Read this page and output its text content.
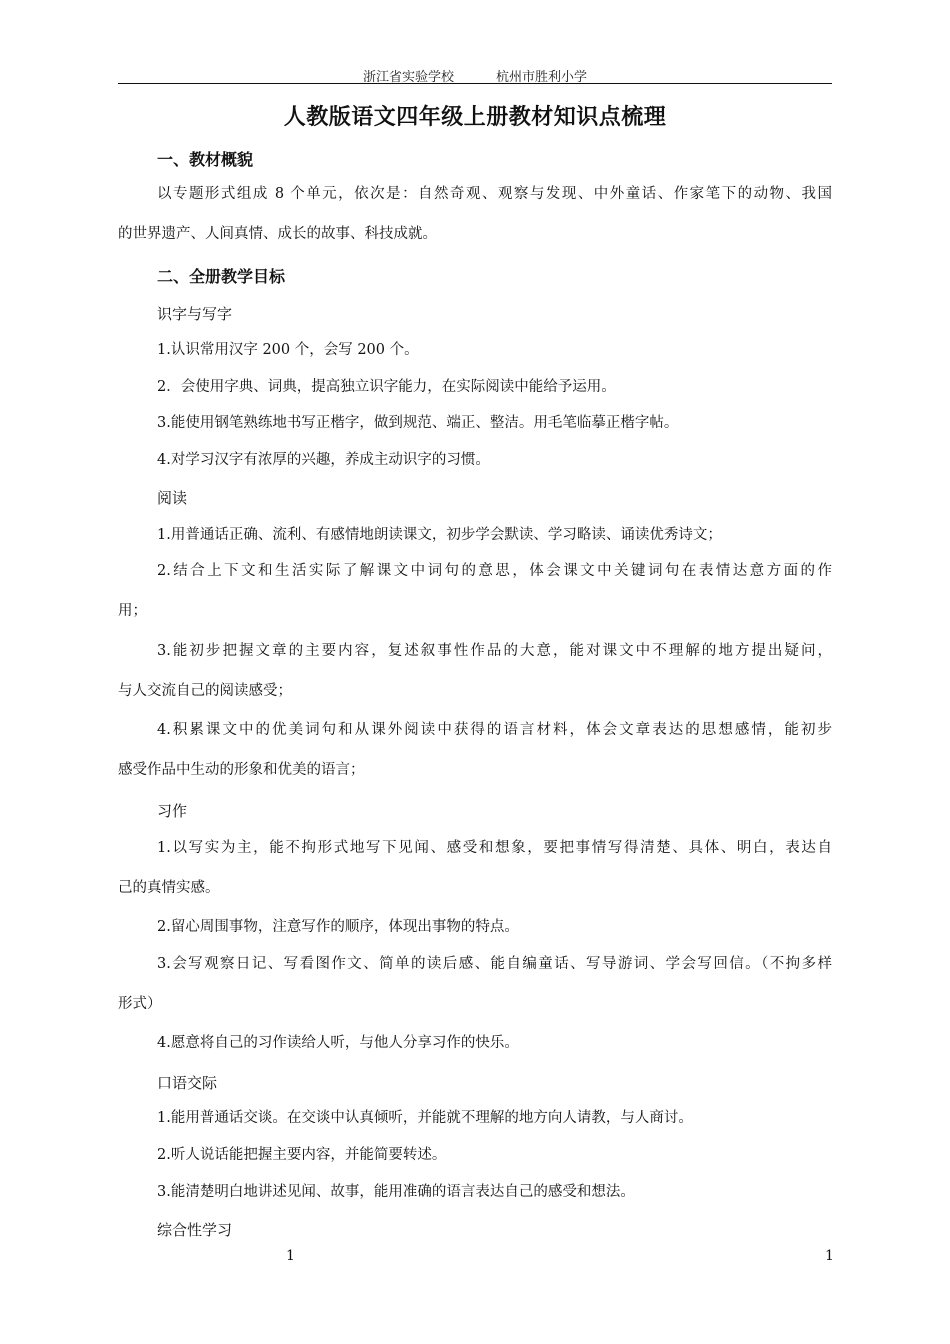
浙江省实验学校	杭州市胜利小学
人教版语文四年级上册教材知识点梳理
一、教材概貌
以专题形式组成 8 个单元，依次是：自然奇观、观察与发现、中外童话、作家笔下的动物、我国
的世界遗产、人间真情、成长的故事、科技成就。
二、全册教学目标
识字与写字
1.认识常用汉字 200 个，会写 200 个。
2．会使用字典、词典，提高独立识字能力，在实际阅读中能给予运用。
3.能使用钢笔熟练地书写正楷字，做到规范、端正、整洁。用毛笔临摹正楷字帖。
4.对学习汉字有浓厚的兴趣，养成主动识字的习惯。
阅读
1.用普通话正确、流利、有感情地朗读课文，初步学会默读、学习略读、诵读优秀诗文；
2.结合上下文和生活实际了解课文中词句的意思，体会课文中关键词句在表情达意方面的作
用；
3.能初步把握文章的主要内容，复述叙事性作品的大意，能对课文中不理解的地方提出疑问，
与人交流自己的阅读感受；
4.积累课文中的优美词句和从课外阅读中获得的语言材料，体会文章表达的思想感情，能初步
感受作品中生动的形象和优美的语言；
习作
1.以写实为主，能不拘形式地写下见闻、感受和想象，要把事情写得清楚、具体、明白，表达自
己的真情实感。
2.留心周围事物，注意写作的顺序，体现出事物的特点。
3.会写观察日记、写看图作文、简单的读后感、能自编童话、写导游词、学会写回信。（不拘多样
形式）
4.愿意将自己的习作读给人听，与他人分享习作的快乐。
口语交际
1.能用普通话交谈。在交谈中认真倾听，并能就不理解的地方向人请教，与人商讨。
2.听人说话能把握主要内容，并能简要转述。
3.能清楚明白地讲述见闻、故事，能用准确的语言表达自己的感受和想法。
综合性学习
1	1
